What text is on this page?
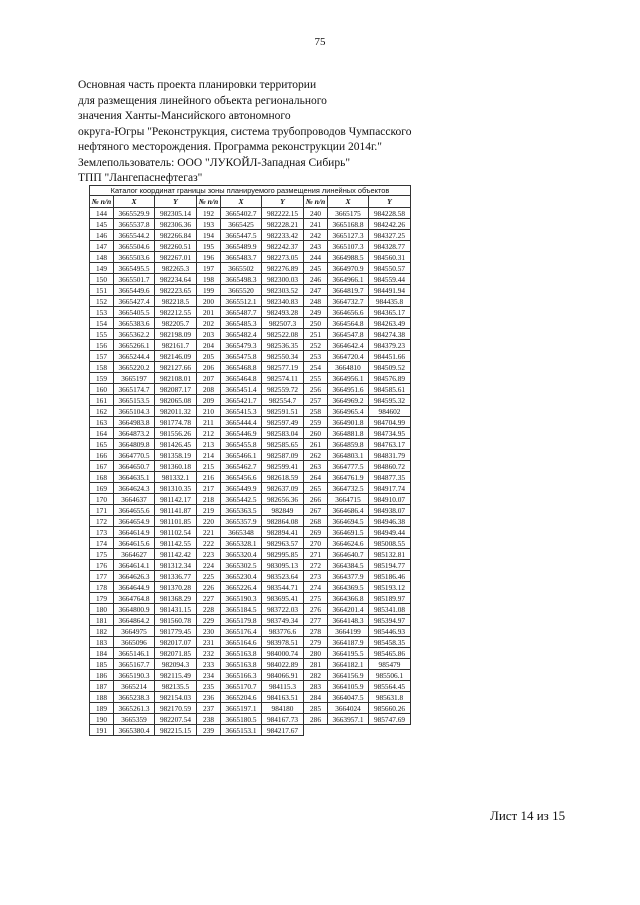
75
Основная часть проекта планировки территории
для размещения линейного объекта регионального
значения Ханты-Мансийского автономного
округа-Югры "Реконструкция, система трубопроводов Чумпасского
нефтяного месторождения. Программа реконструкции 2014г."
Землепользователь: ООО "ЛУКОЙЛ-Западная Сибирь"
ТПП "Лангепаснефтегаз"
Каталог координат границы зоны планируемого размещения линейных объектов								
№ п/п	X	Y	№ п/п	X	Y	№ п/п	X	Y
144	3665529.9	982305.14	192	3665402.7	982222.15	240	3665175	984228.58
145	3665537.8	982306.36	193	3665425	982228.21	241	3665168.8	984242.26
146	3665544.2	982266.84	194	3665447.5	982233.42	242	3665127.3	984327.25
147	3665504.6	982260.51	195	3665489.9	982242.37	243	3665107.3	984328.77
148	3665503.6	982267.01	196	3665483.7	982273.05	244	3664988.5	984560.31
149	3665495.5	982265.3	197	3665502	982276.89	245	3664970.9	984550.57
150	3665501.7	982234.64	198	3665498.3	982300.03	246	3664966.1	984559.44
151	3665449.6	982223.65	199	3665520	982303.52	247	3664819.7	984491.94
152	3665427.4	982218.5	200	3665512.1	982340.83	248	3664732.7	984435.8
153	3665405.5	982212.55	201	3665487.7	982493.28	249	3664656.6	984365.17
154	3665383.6	982205.7	202	3665485.3	982507.3	250	3664564.8	984263.49
155	3665362.2	982198.09	203	3665482.4	982522.08	251	3664547.8	984274.38
156	3665266.1	982161.7	204	3665479.3	982536.35	252	3664642.4	984379.23
157	3665244.4	982146.09	205	3665475.8	982550.34	253	3664720.4	984451.66
158	3665220.2	982127.66	206	3665468.8	982577.19	254	3664810	984509.52
159	3665197	982108.01	207	3665464.8	982574.11	255	3664956.1	984576.89
160	3665174.7	982087.17	208	3665451.4	982559.72	256	3664951.6	984585.61
161	3665153.5	982065.08	209	3665421.7	982554.7	257	3664969.2	984595.32
162	3665104.3	982011.32	210	3665415.3	982591.51	258	3664965.4	984602
163	3664983.8	981774.78	211	3665444.4	982597.49	259	3664901.8	984704.99
164	3664873.2	981556.26	212	3665446.9	982583.04	260	3664881.8	984734.95
165	3664809.8	981426.45	213	3665455.8	982585.65	261	3664859.8	984763.17
166	3664770.5	981358.19	214	3665466.1	982587.09	262	3664803.1	984831.79
167	3664650.7	981360.18	215	3665462.7	982599.41	263	3664777.5	984860.72
168	3664635.1	981332.1	216	3665456.6	982618.59	264	3664761.9	984877.35
169	3664624.3	981310.35	217	3665449.9	982637.09	265	3664732.5	984917.74
170	3664637	981142.17	218	3665442.5	982656.36	266	3664715	984910.07
171	3664655.6	981141.87	219	3665363.5	982849	267	3664686.4	984938.07
172	3664654.9	981101.85	220	3665357.9	982864.08	268	3664694.5	984946.38
173	3664614.9	981102.54	221	3665348	982894.41	269	3664691.5	984949.44
174	3664615.6	981142.55	222	3665328.1	982963.57	270	3664624.6	985008.55
175	3664627	981142.42	223	3665320.4	982995.85	271	3664640.7	985132.81
176	3664614.1	981312.34	224	3665302.5	983095.13	272	3664384.5	985194.77
177	3664626.3	981336.77	225	3665230.4	983523.64	273	3664377.9	985186.46
178	3664644.9	981370.28	226	3665226.4	983544.71	274	3664369.5	985193.12
179	3664764.8	981368.29	227	3665190.3	983695.41	275	3664366.8	985189.97
180	3664800.9	981431.15	228	3665184.5	983722.03	276	3664201.4	985341.08
181	3664864.2	981560.78	229	3665179.8	983749.34	277	3664148.3	985394.97
182	3664975	981779.45	230	3665176.4	983776.6	278	3664199	985446.93
183	3665096	982017.07	231	3665164.6	983978.51	279	3664187.9	985458.35
184	3665146.1	982071.85	232	3665163.8	984000.74	280	3664195.5	985465.86
185	3665167.7	982094.3	233	3665163.8	984022.89	281	3664182.1	985479
186	3665190.3	982115.49	234	3665166.3	984066.91	282	3664156.9	985506.1
187	3665214	982135.5	235	3665170.7	984115.3	283	3664105.9	985564.45
188	3665238.3	982154.03	236	3665204.6	984163.51	284	3664047.5	985631.8
189	3665261.3	982170.59	237	3665197.1	984180	285	3664024	985660.26
190	3665359	982207.54	238	3665180.5	984167.73	286	3663957.1	985747.69
191	3665380.4	982215.15	239	3665153.1	984217.67			
Лист 14 из 15
